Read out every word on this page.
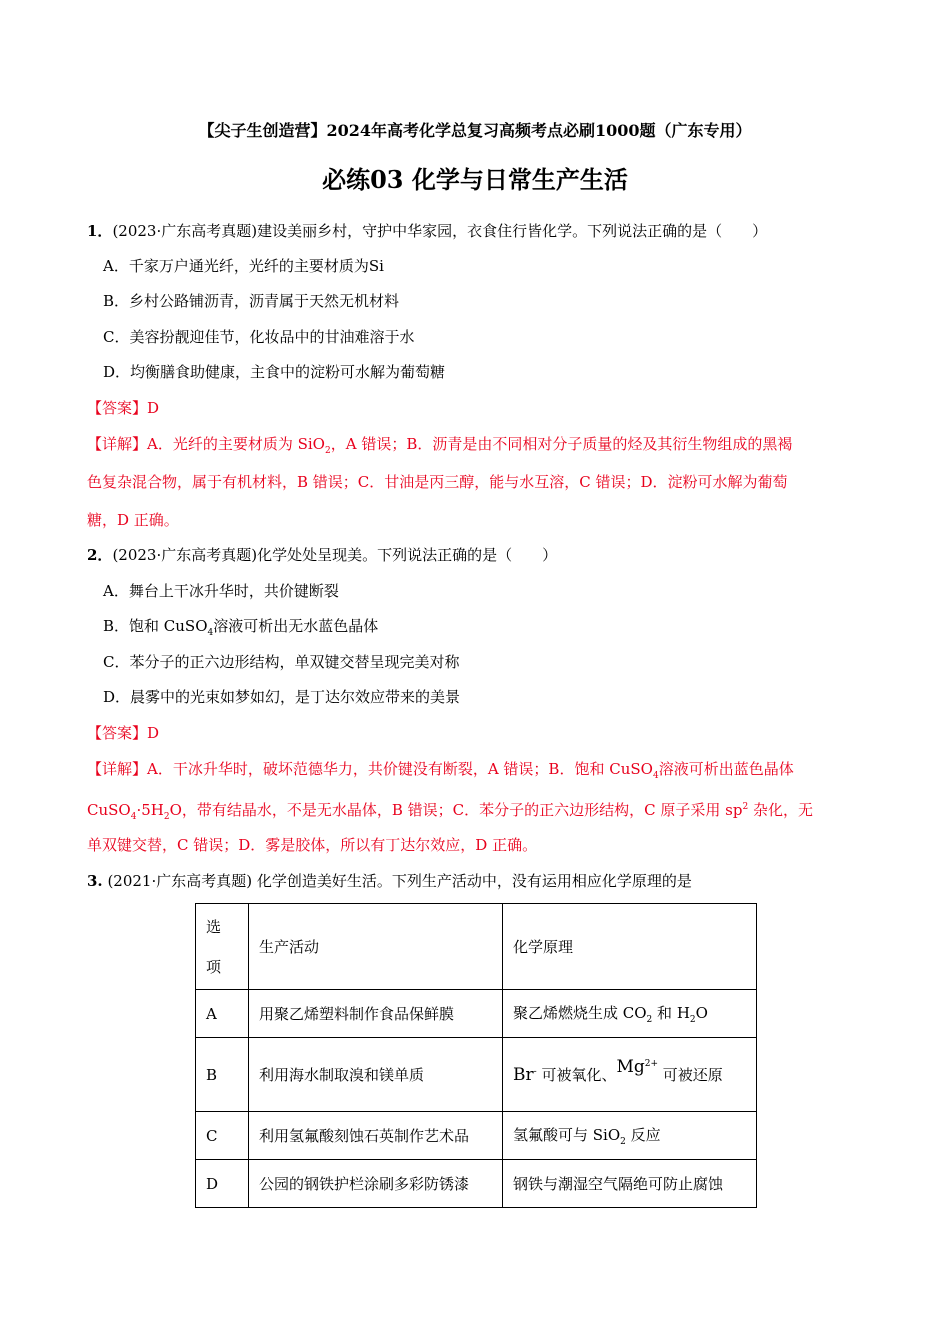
【尖子生创造营】2024年高考化学总复习高频考点必刷1000题（广东专用）
必练03 化学与日常生产生活
1．(2023·广东高考真题)建设美丽乡村，守护中华家园，衣食住行皆化学。下列说法正确的是（　　）
A．千家万户通光纤，光纤的主要材质为Si
B．乡村公路铺沥青，沥青属于天然无机材料
C．美容扮靓迎佳节，化妆品中的甘油难溶于水
D．均衡膳食助健康，主食中的淀粉可水解为葡萄糖
【答案】D
【详解】A．光纤的主要材质为 SiO$_2$，A 错误；B．沥青是由不同相对分子质量的烃及其衍生物组成的黑褐
色复杂混合物，属于有机材料，B 错误；C．甘油是丙三醇，能与水互溶，C 错误；D．淀粉可水解为葡萄
糖，D 正确。
2．(2023·广东高考真题)化学处处呈现美。下列说法正确的是（　　）
A．舞台上干冰升华时，共价键断裂
B．饱和 CuSO$_4$溶液可析出无水蓝色晶体
C．苯分子的正六边形结构，单双键交替呈现完美对称
D．晨雾中的光束如梦如幻，是丁达尔效应带来的美景
【答案】D
【详解】A．干冰升华时，破坏范德华力，共价键没有断裂，A 错误；B．饱和 CuSO$_4$溶液可析出蓝色晶体
$CuSO_4\cdot 5H_2O$，带有结晶水，不是无水晶体，B 错误；C．苯分子的正六边形结构，C 原子采用 $sp^2$ 杂化，无
单双键交替，C 错误；D．雾是胶体，所以有丁达尔效应，D 正确。
3. (2021·广东高考真题) 化学创造美好生活。下列生产活动中，没有运用相应化学原理的是
选
项	生产活动	化学原理
A	用聚乙烯塑料制作食品保鲜膜	聚乙烯燃烧生成 $CO_2$ 和 $H_2O$
B	利用海水制取溴和镁单质	Br- 可被氧化、$Mg^{2+}$ 可被还原
C	利用氢氟酸刻蚀石英制作艺术品	氢氟酸可与 SiO$_2$ 反应
D	公园的钢铁护栏涂刷多彩防锈漆	钢铁与潮湿空气隔绝可防止腐蚀
